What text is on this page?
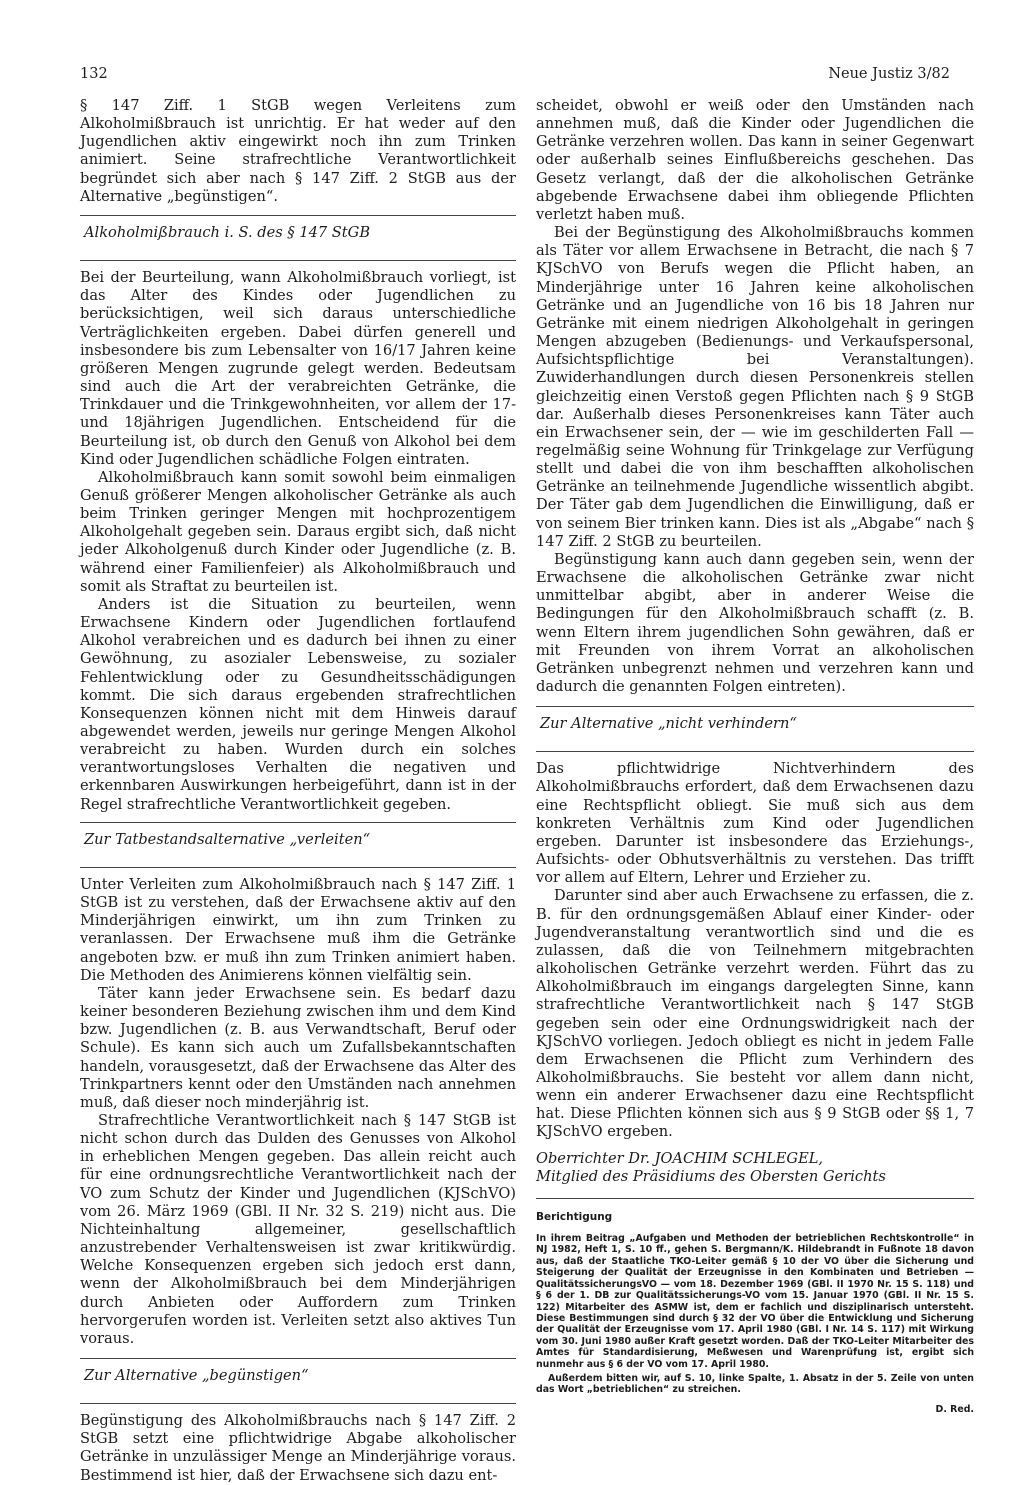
132	Neue Justiz 3/82

§ 147 Ziff. 1 StGB wegen Verleitens zum Alkoholmißbrauch ist unrichtig. Er hat weder auf den Jugendlichen aktiv eingewirkt noch ihn zum Trinken animiert. Seine strafrechtliche Verantwortlichkeit begründet sich aber nach § 147 Ziff. 2 StGB aus der Alternative „begünstigen“.

Alkoholmißbrauch i. S. des § 147 StGB

Bei der Beurteilung, wann Alkoholmißbrauch vorliegt, ist das Alter des Kindes oder Jugendlichen zu berücksichtigen, weil sich daraus unterschiedliche Verträglichkeiten ergeben. Dabei dürfen generell und insbesondere bis zum Lebensalter von 16/17 Jahren keine größeren Mengen zugrunde gelegt werden. Bedeutsam sind auch die Art der verabreichten Getränke, die Trinkdauer und die Trinkgewohnheiten, vor allem der 17- und 18jährigen Jugendlichen. Entscheidend für die Beurteilung ist, ob durch den Genuß von Alkohol bei dem Kind oder Jugendlichen schädliche Folgen eintraten.

Alkoholmißbrauch kann somit sowohl beim einmaligen Genuß größerer Mengen alkoholischer Getränke als auch beim Trinken geringer Mengen mit hochprozentigem Alkoholgehalt gegeben sein. Daraus ergibt sich, daß nicht jeder Alkoholgenuß durch Kinder oder Jugendliche (z. B. während einer Familienfeier) als Alkoholmißbrauch und somit als Straftat zu beurteilen ist.

Anders ist die Situation zu beurteilen, wenn Erwachsene Kindern oder Jugendlichen fortlaufend Alkohol verabreichen und es dadurch bei ihnen zu einer Gewöhnung, zu asozialer Lebensweise, zu sozialer Fehlentwicklung oder zu Gesundheitsschädigungen kommt. Die sich daraus ergebenden strafrechtlichen Konsequenzen können nicht mit dem Hinweis darauf abgewendet werden, jeweils nur geringe Mengen Alkohol verabreicht zu haben. Wurden durch ein solches verantwortungsloses Verhalten die negativen und erkennbaren Auswirkungen herbeigeführt, dann ist in der Regel strafrechtliche Verantwortlichkeit gegeben.

Zur Tatbestandsalternative „verleiten“

Unter Verleiten zum Alkoholmißbrauch nach § 147 Ziff. 1 StGB ist zu verstehen, daß der Erwachsene aktiv auf den Minderjährigen einwirkt, um ihn zum Trinken zu veranlassen. Der Erwachsene muß ihm die Getränke angeboten bzw. er muß ihn zum Trinken animiert haben. Die Methoden des Animierens können vielfältig sein.

Täter kann jeder Erwachsene sein. Es bedarf dazu keiner besonderen Beziehung zwischen ihm und dem Kind bzw. Jugendlichen (z. B. aus Verwandtschaft, Beruf oder Schule). Es kann sich auch um Zufallsbekanntschaften handeln, vorausgesetzt, daß der Erwachsene das Alter des Trinkpartners kennt oder den Umständen nach annehmen muß, daß dieser noch minderjährig ist.

Strafrechtliche Verantwortlichkeit nach § 147 StGB ist nicht schon durch das Dulden des Genusses von Alkohol in erheblichen Mengen gegeben. Das allein reicht auch für eine ordnungsrechtliche Verantwortlichkeit nach der VO zum Schutz der Kinder und Jugendlichen (KJSchVO) vom 26. März 1969 (GBl. II Nr. 32 S. 219) nicht aus. Die Nichteinhaltung allgemeiner, gesellschaftlich anzustrebender Verhaltensweisen ist zwar kritikwürdig. Welche Konsequenzen ergeben sich jedoch erst dann, wenn der Alkoholmißbrauch bei dem Minderjährigen durch Anbieten oder Auffordern zum Trinken hervorgerufen worden ist. Verleiten setzt also aktives Tun voraus.

Zur Alternative „begünstigen“

Begünstigung des Alkoholmißbrauchs nach § 147 Ziff. 2 StGB setzt eine pflichtwidrige Abgabe alkoholischer Getränke in unzulässiger Menge an Minderjährige voraus. Bestimmend ist hier, daß der Erwachsene sich dazu ent-

scheidet, obwohl er weiß oder den Umständen nach annehmen muß, daß die Kinder oder Jugendlichen die Getränke verzehren wollen. Das kann in seiner Gegenwart oder außerhalb seines Einflußbereichs geschehen. Das Gesetz verlangt, daß der die alkoholischen Getränke abgebende Erwachsene dabei ihm obliegende Pflichten verletzt haben muß.

Bei der Begünstigung des Alkoholmißbrauchs kommen als Täter vor allem Erwachsene in Betracht, die nach § 7 KJSchVO von Berufs wegen die Pflicht haben, an Minderjährige unter 16 Jahren keine alkoholischen Getränke und an Jugendliche von 16 bis 18 Jahren nur Getränke mit einem niedrigen Alkoholgehalt in geringen Mengen abzugeben (Bedienungs- und Verkaufspersonal, Aufsichtspflichtige bei Veranstaltungen). Zuwiderhandlungen durch diesen Personenkreis stellen gleichzeitig einen Verstoß gegen Pflichten nach § 9 StGB dar. Außerhalb dieses Personenkreises kann Täter auch ein Erwachsener sein, der — wie im geschilderten Fall — regelmäßig seine Wohnung für Trinkgelage zur Verfügung stellt und dabei die von ihm beschafften alkoholischen Getränke an teilnehmende Jugendliche wissentlich abgibt. Der Täter gab dem Jugendlichen die Einwilligung, daß er von seinem Bier trinken kann. Dies ist als „Abgabe“ nach § 147 Ziff. 2 StGB zu beurteilen.

Begünstigung kann auch dann gegeben sein, wenn der Erwachsene die alkoholischen Getränke zwar nicht unmittelbar abgibt, aber in anderer Weise die Bedingungen für den Alkoholmißbrauch schafft (z. B. wenn Eltern ihrem jugendlichen Sohn gewähren, daß er mit Freunden von ihrem Vorrat an alkoholischen Getränken unbegrenzt nehmen und verzehren kann und dadurch die genannten Folgen eintreten).

Zur Alternative „nicht verhindern“

Das pflichtwidrige Nichtverhindern des Alkoholmißbrauchs erfordert, daß dem Erwachsenen dazu eine Rechtspflicht obliegt. Sie muß sich aus dem konkreten Verhältnis zum Kind oder Jugendlichen ergeben. Darunter ist insbesondere das Erziehungs-, Aufsichts- oder Obhutsverhältnis zu verstehen. Das trifft vor allem auf Eltern, Lehrer und Erzieher zu.

Darunter sind aber auch Erwachsene zu erfassen, die z. B. für den ordnungsgemäßen Ablauf einer Kinder- oder Jugendveranstaltung verantwortlich sind und die es zulassen, daß die von Teilnehmern mitgebrachten alkoholischen Getränke verzehrt werden. Führt das zu Alkoholmißbrauch im eingangs dargelegten Sinne, kann strafrechtliche Verantwortlichkeit nach § 147 StGB gegeben sein oder eine Ordnungswidrigkeit nach der KJSchVO vorliegen. Jedoch obliegt es nicht in jedem Falle dem Erwachsenen die Pflicht zum Verhindern des Alkoholmißbrauchs. Sie besteht vor allem dann nicht, wenn ein anderer Erwachsener dazu eine Rechtspflicht hat. Diese Pflichten können sich aus § 9 StGB oder §§ 1, 7 KJSchVO ergeben.

Oberrichter Dr. JOACHIM SCHLEGEL,
Mitglied des Präsidiums des Obersten Gerichts
Berichtigung

In ihrem Beitrag „Aufgaben und Methoden der betrieblichen Rechtskontrolle“ in NJ 1982, Heft 1, S. 10 ff., gehen S. Bergmann/K. Hildebrandt in Fußnote 18 davon aus, daß der Staatliche TKO-Leiter gemäß § 10 der VO über die Sicherung und Steigerung der Qualität der Erzeugnisse in den Kombinaten und Betrieben — QualitätssicherungsVO — vom 18. Dezember 1969 (GBl. II 1970 Nr. 15 S. 118) und § 6 der 1. DB zur Qualitätssicherungs-VO vom 15. Januar 1970 (GBl. II Nr. 15 S. 122) Mitarbeiter des ASMW ist, dem er fachlich und disziplinarisch untersteht. Diese Bestimmungen sind durch § 32 der VO über die Entwicklung und Sicherung der Qualität der Erzeugnisse vom 17. April 1980 (GBl. I Nr. 14 S. 117) mit Wirkung vom 30. Juni 1980 außer Kraft gesetzt worden. Daß der TKO-Leiter Mitarbeiter des Amtes für Standardisierung, Meßwesen und Warenprüfung ist, ergibt sich nunmehr aus § 6 der VO vom 17. April 1980.

Außerdem bitten wir, auf S. 10, linke Spalte, 1. Absatz in der 5. Zeile von unten das Wort „betrieblichen“ zu streichen.

D. Red.
